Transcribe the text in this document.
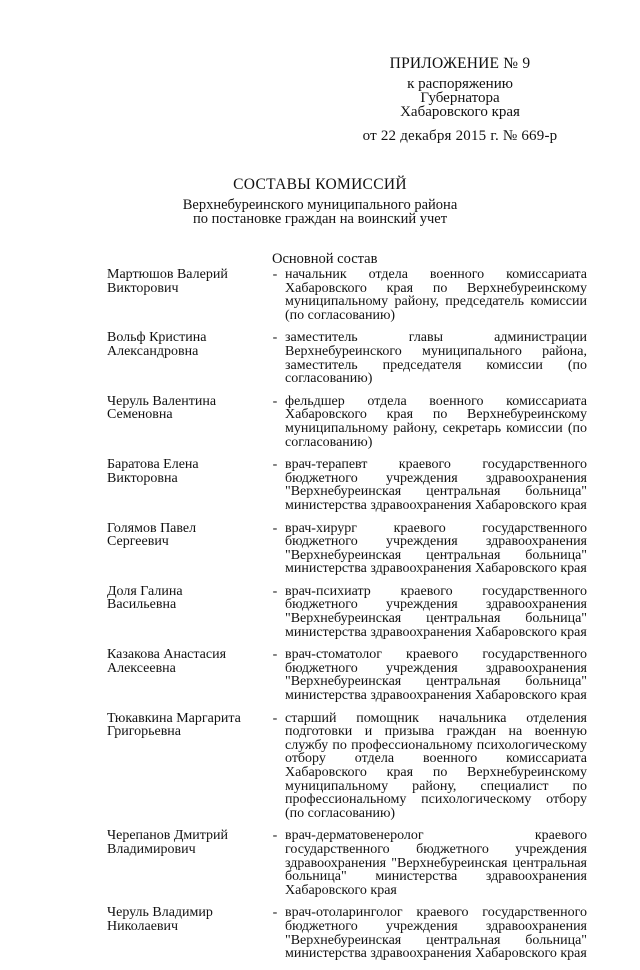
ПРИЛОЖЕНИЕ № 9
к распоряжению
Губернатора
Хабаровского края
от 22 декабря 2015 г. № 669-р
СОСТАВЫ КОМИССИЙ
Верхнебуреинского муниципального района
по постановке граждан на воинский учет
Основной состав
Мартюшов Валерий
Викторович
- начальник отдела военного комиссариата Хабаровского края по Верхнебуреинскому муниципальному району, председатель комиссии (по согласованию)
Вольф Кристина
Александровна
- заместитель главы администрации Верхнебуреинского муниципального района, заместитель председателя комиссии (по согласованию)
Черуль Валентина
Семеновна
- фельдшер отдела военного комиссариата Хабаровского края по Верхнебуреинскому муниципальному району, секретарь комиссии (по согласованию)
Баратова Елена
Викторовна
- врач-терапевт краевого государственного бюджетного учреждения здравоохранения "Верхнебуреинская центральная больница" министерства здравоохранения Хабаровского края
Голямов Павел
Сергеевич
- врач-хирург краевого государственного бюджетного учреждения здравоохранения "Верхнебуреинская центральная больница" министерства здравоохранения Хабаровского края
Доля Галина
Васильевна
- врач-психиатр краевого государственного бюджетного учреждения здравоохранения "Верхнебуреинская центральная больница" министерства здравоохранения Хабаровского края
Казакова Анастасия
Алексеевна
- врач-стоматолог краевого государственного бюджетного учреждения здравоохранения "Верхнебуреинская центральная больница" министерства здравоохранения Хабаровского края
Тюкавкина Маргарита
Григорьевна
- старший помощник начальника отделения подготовки и призыва граждан на военную службу по профессиональному психологическому отбору отдела военного комиссариата Хабаровского края по Верхнебуреинскому муниципальному району, специалист по профессиональному психологическому отбору (по согласованию)
Черепанов Дмитрий
Владимирович
- врач-дерматовенеролог краевого государственного бюджетного учреждения здравоохранения "Верхнебуреинская центральная больница" министерства здравоохранения Хабаровского края
Черуль Владимир
Николаевич
- врач-отоларинголог краевого государственного бюджетного учреждения здравоохранения "Верхнебуреинская центральная больница" министерства здравоохранения Хабаровского края
